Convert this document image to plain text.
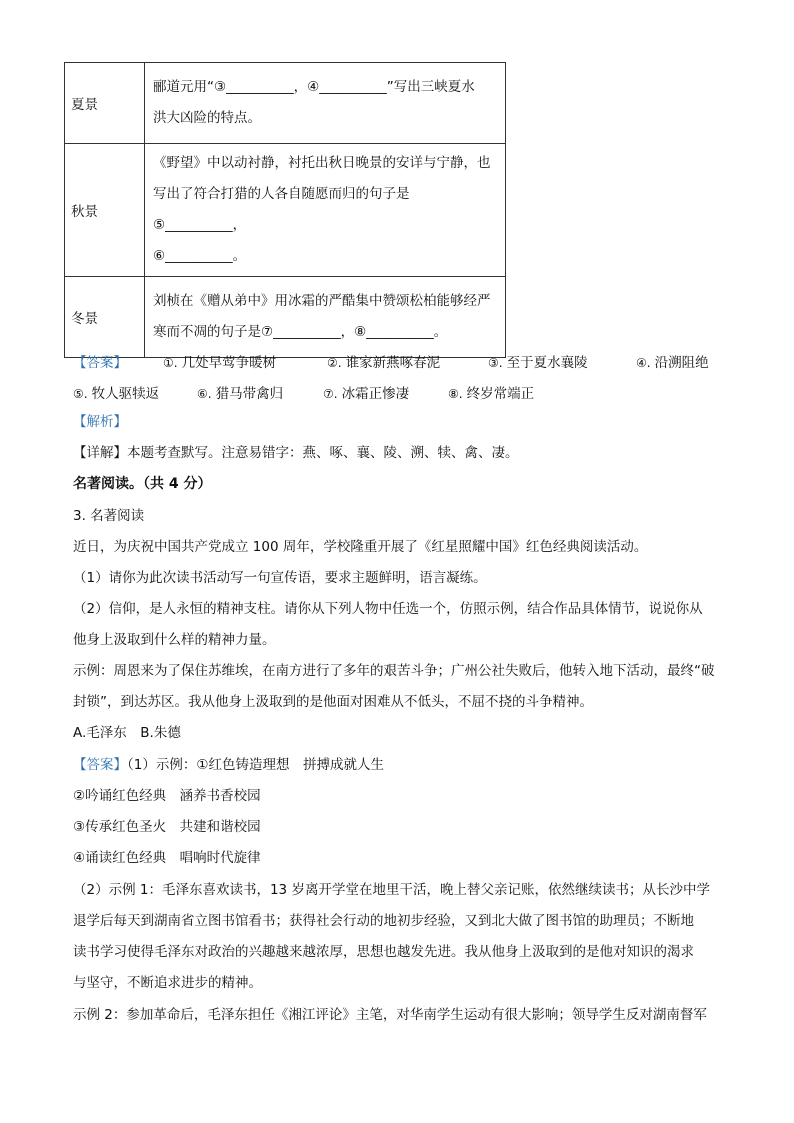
夏景	郦道元用“③__________，④__________”写出三峡夏水
洪大凶险的特点。

秋景	《野望》中以动衬静，衬托出秋日晚景的安详与宁静，也
写出了符合打猎的人各自随愿而归的句子是⑤__________，
⑥__________。

冬景	刘桢在《赠从弟中》用冰霜的严酷集中赞颂松柏能够经严
寒而不凋的句子是⑦__________，⑧__________。
【答案】	①. 几处早莺争暖树	②. 谁家新燕啄春泥	③. 至于夏水襄陵	④. 沿溯阻绝
⑤. 牧人驱犊返	⑥. 猎马带禽归	⑦. 冰霜正惨凄	⑧. 终岁常端正
【解析】
【详解】本题考查默写。注意易错字：燕、啄、襄、陵、溯、犊、禽、凄。
名著阅读。（共 4 分）
3. 名著阅读
近日，为庆祝中国共产党成立 100 周年，学校隆重开展了《红星照耀中国》红色经典阅读活动。
（1）请你为此次读书活动写一句宣传语，要求主题鲜明，语言凝练。
（2）信仰，是人永恒的精神支柱。请你从下列人物中任选一个，仿照示例，结合作品具体情节，说说你从
他身上汲取到什么样的精神力量。
示例：周恩来为了保住苏维埃，在南方进行了多年的艰苦斗争；广州公社失败后，他转入地下活动，最终“破
封锁”，到达苏区。我从他身上汲取到的是他面对困难从不低头，不屈不挠的斗争精神。
A.毛泽东　B.朱德
【答案】（1）示例：①红色铸造理想　拼搏成就人生
②吟诵红色经典　涵养书香校园
③传承红色圣火　共建和谐校园
④诵读红色经典　唱响时代旋律
（2）示例 1：毛泽东喜欢读书，13 岁离开学堂在地里干活，晚上替父亲记账，依然继续读书；从长沙中学
退学后每天到湖南省立图书馆看书；获得社会行动的地初步经验，又到北大做了图书馆的助理员；不断地
读书学习使得毛泽东对政治的兴趣越来越浓厚，思想也越发先进。我从他身上汲取到的是他对知识的渴求
与坚守，不断追求进步的精神。
示例 2：参加革命后，毛泽东担任《湘江评论》主笔，对华南学生运动有很大影响；领导学生反对湖南督军
